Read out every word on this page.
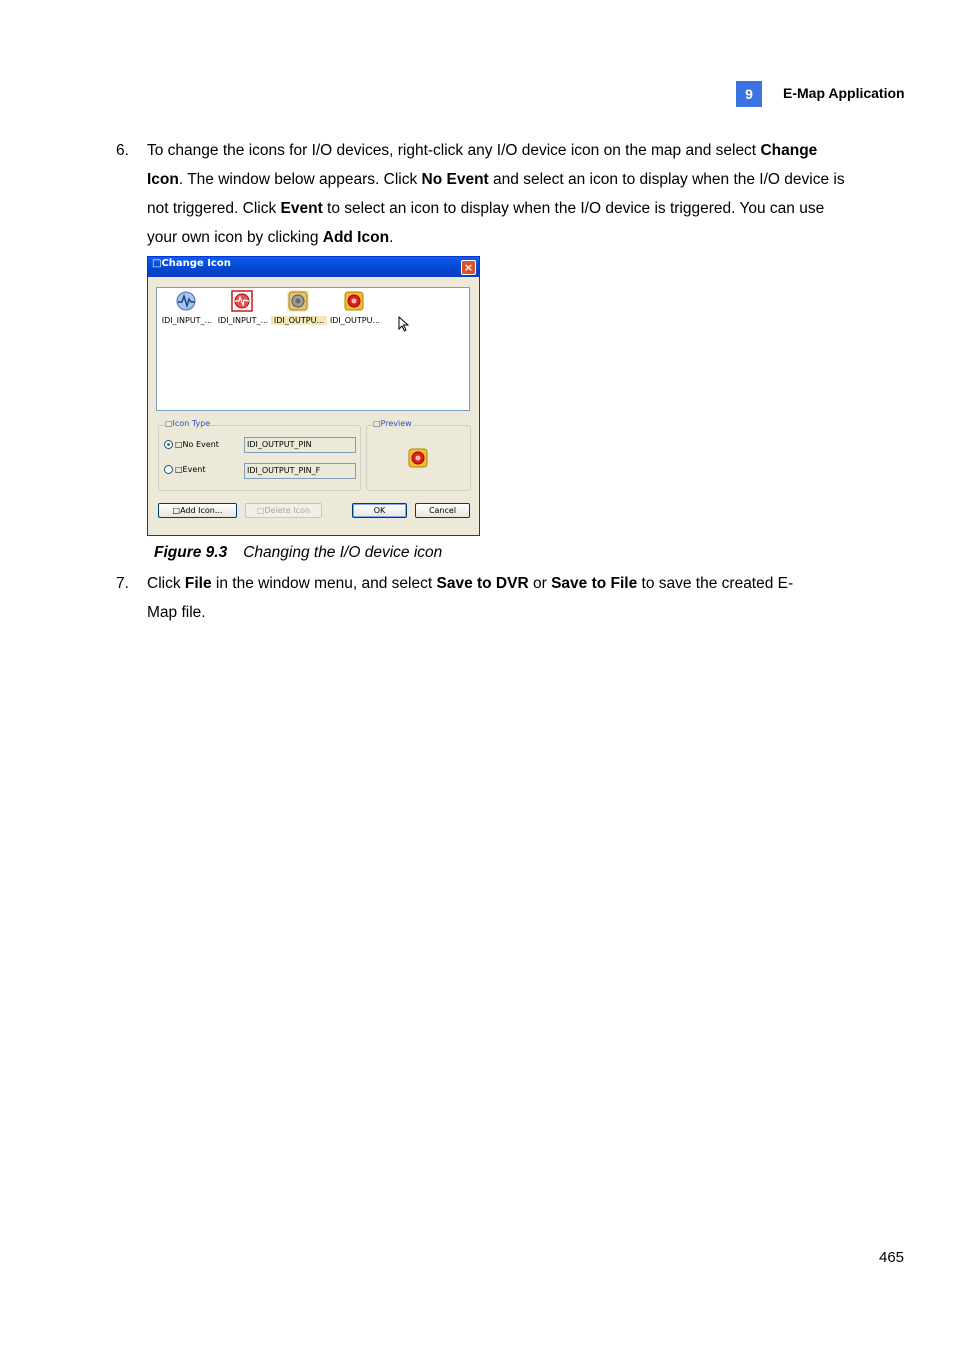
9	E-Map Application
6. To change the icons for I/O devices, right-click any I/O device icon on the map and select Change Icon. The window below appears. Click No Event and select an icon to display when the I/O device is not triggered. Click Event to select an icon to display when the I/O device is triggered. You can use your own icon by clicking Add Icon.
□Change Icon	×
IDI_INPUT_... IDI_INPUT_... IDI_OUTPU... IDI_OUTPU...
□Icon Type
□No Event	IDI_OUTPUT_PIN
□Event	IDI_OUTPUT_PIN_F
□Preview
□Add Icon...	□Delete Icon	OK	Cancel
Figure 9.3 Changing the I/O device icon
7. Click File in the window menu, and select Save to DVR or Save to File to save the created E-Map file.
465
